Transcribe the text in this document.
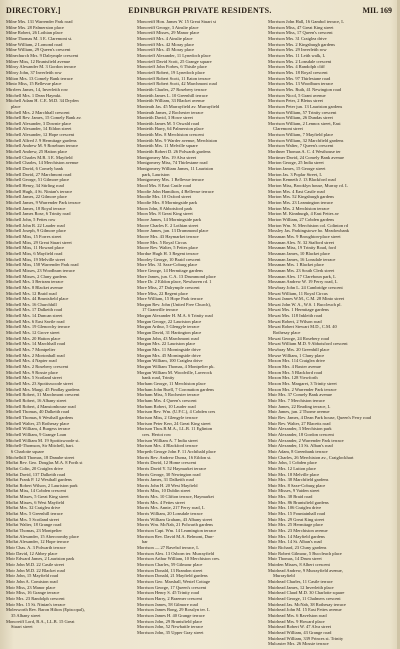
DIRECTORY.]	EDINBURGH PRIVATE RESIDENTS.	MIL 169
Milne Mrs. 131 Warrender Park road
Milne Mrs. 28 Palmerston place
Milne Robert, 26 Lothian place
Milne Thomas M. 3 E. Claremont st.
Milne William, 2 Lomond road
Milne William, 29 Queen's crescent
Milnechurch Mrs. 9 Dalrymple crescent
Milner Miss, 12 Bruntsfield avenue
Milroy Alexander M. 3 Gordon terrace
Milroy John, 37 Inverleith row
Milton Mrs. 13 Comely Bank terrace
Minto Miss, 15 Bellevue place
Mirrlees James, 14, Inverleith row
Mitchell Mrs. 1 Dean Haymkt.
Mitchell Adam H. C.E. M.D. 34 Dryden
place
Mitchell Mrs. 2 Marchhall crescent
Mitchell Rev. James, 15 Comely Bank av.
Mitchell Alexander, 3 Downie place
Mitchell Alexander, 14 Eildon street
Mitchell Alexander, 12 Hope crescent
Mitchell Alfred J. 9 Hermitage gardens
Mitchell Andrew M. 9 Roseburn terrace
Mitchell Andrew, 25 Hatton place
Mitchell Charles M.B. 3 E. Mayfield
Mitchell Charles, 14 Merchiston avenue
Mitchell David, 6 Comely bank
Mitchell David, 27 Marchmont road
Mitchell George, 51 Gilmore place
Mitchell Henry, 34 Stirling road
Mitchell Hugh, 4 St. Ninian's terrace
Mitchell James, 22 Gilmore place
Mitchell James, 9 Warrender Park terrace
Mitchell James, 18 Royal terrace
Mitchell James Rose, 6 Trinity road
Mitchell John, 5 Fettes row
Mitchell John R. 22 Lauder road
Mitchell Joseph, 9 Gilmore place
Mitchell Miss, 15 Forres street
Mitchell Miss, 29 Great Stuart street
Mitchell Miss, 11 Howard place
Mitchell Miss, 6 Mayfield road
Mitchell Miss, 19 Melville street
Mitchell Miss, 158 Warrender Park road
Mitchell Misses, 23 Woodburn terrace
Mitchell Misses, 2 Cluny gardens
Mitchell Mrs. 3 Bertram terrace
Mitchell Mrs. 8 Blacket avenue
Mitchell Mrs. 12 Braid road
Mitchell Mrs. 44 Bruntsfield place
Mitchell Mrs. 16 Churchhill
Mitchell Mrs. 17 Dalkeith road
Mitchell Mrs. 14 Duncan street
Mitchell Mrs. 6 East Savile road
Mitchell Mrs. 19 Glenorchy terrace
Mitchell Mrs. 12 Grove street
Mitchell Mrs. 20 Hatton place
Mitchell Mrs. 14 Marchhall road
Mitchell Mrs. 7 Montpelier
Mitchell Mrs. 2 Mortonhall road
Mitchell Mrs. 4 Napier road
Mitchell Mrs. 2 Rosebery crescent
Mitchell Mrs. 9 Rossie place
Mitchell Mrs. 5 Scotland street
Mitchell Mrs. 23 Spottiswoode street
Mitchell Mrs. Margt. 45 Findlay gardens
Mitchell Robert, 31 Marchmont crescent
Mitchell Robert, 16 Albany street
Mitchell Robert, 4 Mansionhouse road
Mitchell Thomas, 40 Dalkeith road
Mitchell Thomas, 6 Westhall gardens
Mitchell Walter, 25 Rothesay place
Mitchell William, 4 Burgess terrace
Mitchell William, 9 Grange Loan
Mitchell William M. 19 Spottiswoode st.
Mitchell-Thomson, Sir Mitchell, bart.
6 Charlotte square
Mitchelhill Thomas, 18 Danube street
Moffat Rev. Geo. Douglas M.A. 8 Forth st
Moffat Colin, 20 Craiglea drive
Moffat David, 137 Dalkeith road
Moffat Frank P. 12 Westhall gardens
Moffat Robert Wilson, 2 Lauriston park
Moffat Miss, 14 Cobden crescent
Moffat Misses, 5 Great King street
Moffat Misses, 6 West Mayfield
Moffat Mrs. 32 Craiglea drive
Moffat Mrs. 5 Greenhill terrace
Moffat Mrs. 5 Scotland street
Moffat Walter, 18 Grange road
Moffat Thomas, 23 Montpelier
Moffat Alexander, 15 Abercromby place
Moffat Alexander, 12 Hope terrace
Moir Chas. A. 3 Polwarth terrace
Moir David, 12 Abbey place
Moir Edward James, 2 Lauriston park
Moir John M.D. 22 Castle street
Moir John M.D. 22 Blacket road
Moir John, 15 Mayfield road
Moir John A. Comiston road
Moir Miss, 23 Manor place
Moir Miss, 16 Grange terrace
Moir Mrs. 23 Randolph crescent
Moir Mrs. 15 St. Ninian's terrace
Molesworth Rev. Baron Hilton (Episcopal),
35 Albany street
Moncreiff Lord, B.A., LL.B. 15 Great
Stuart street
Moncreiff Hon. James W. 15 Great Stuart st
Moncreiff George, 3 Ainslie place
Moncreiff Misses, 29 Manor place
Moncreiff Mrs. 4 Ainslie place
Moncreiff Mrs. 42 Moray place
Moncreiff Mrs. 45 Moray place
Moncrieff Alexander, 11 Lynedoch place
Moncrieff David Scott, 25 Grange square
Moncrieff John Forbes, 6 Thistle place
Moncrieff Robert, 19 Lynedoch place
Moncrieff Robert Scott, 11 Eaton terrace
Moncrieff Robert Scott, 42 Marchmont road
Monteith Charles, 27 Rosebery terrace
Monteith James L. 10 Greenhill terrace
Monteith William, 33 Blacket avenue
Monteath Jas. 45 Marrayfield av. Murrayfield
Monteath James, 2 Rochester terrace
Monteith David, 3 Howe street
Monteith James M. 5 Oswald road
Monteith Harry, 64 Palmerston place
Monteith Mrs. 8 Merchiston crescent
Monteith Mrs. 9 Warder avenue, Merchiston
Monteith Mrs. 11 Melville square
Monteith Robert D. 26 Polwarth gardens
Montgomery Mrs. 19 Alva street
Montgomery Miss, 74 Thirlestane road
Montgomery William James, 11 Lauriston
park, Lauriston
Montgomery Mrs. 1 Bellevue terrace
Mood Mrs. 8 East Castle road
Moodie John Hamilton, 4 Bellevue terrace
Moodie Mrs. 10 Oxford street
Moodie Mrs. 8 Morningside park
Moon John, 8 Abbotsford park
Moon Mrs. 8 Great King street
Moore James, 14 Morningside park
Moore Charles E. 2 Lothian street
Moore James, jun. 13 Drummond place
Moore Mrs. 43 Haymarket terrace
Moore Mrs. 5 Royal Circus
Moore Rev. Walter, 5 Fettes place
Mordue Hugh H. 3 Regent terrace
Moorley George, 10 Braid crescent
More Mrs. 31 Saxe-Coburg place
More George, 14 Hermitage gardens
More James, jun. C.A. 13 Drummond place
More Dr. 2 Eildon place, Newhaven rd. 1
More Miss, 27 Dalrymple crescent
More Miss, 22 Regent place
More William, 15 Hope Park terrace
Morgan Rev. John (United Free Church),
17 Granville terrace
Morgan Alexander H. M.A. 6 Trinity road
Morgan George, 22 Lauriston place
Morgan Arthur, 5 Glengyle terrace
Morgan David, 31 Hartington place
Morgan John, 43 Marchmont road
Morgan Mrs. 22 Lauriston place
Morgan Mrs. 11 Morningside drive
Morgan Mrs. 45 Morningside drive
Morgan William, 100 Craiglea drive
Morgan William Thomas, 4 Montpelier pk.
Morgan William M. Woodville, Laverock
bank road, Trinity
Morham George, 11 Merchiston place
Morham John Buell, 7 Coronation gardens
Morham Miss, 5 Rochester terrace
Morham Mrs. 4 Queen's crescent
Morham Robert, 10 Lauder road
Morison Rev. Wm. (U.F.C.), 4 Cobden cres
Morison Miss, 2 Glengyle terrace
Morison Peter Kerr, 24 Great King street
Morison Thos.B.M.A., LL.B. 11 Eglinton
cres. Heriot row
Morison William A. 7 India street
Morison Mrs. 4 Blackford terrace
Morpeth George John F. 11 Archibald place
Morris Rev. Andrew Durna, 16 Eildon st.
Morris David, 12 Home crescent
Morris David Y. 52 Haymarket terrace
Morris George, 30 Newington road
Morris James, 31 Dalkeith road
Morris John H. 20 West Mayfield
Morris Miss, 10 Dublin street
Morris Mrs. 10 Clifton terrace, Haymarket
Morris Mrs. 4 Fettes street
Morris Mrs. Annie, 217 Ferry road, L
Morris William, 20 Lonsdale terrace
Morris William Graham, 43 Albany street
Morris Wm. McNab, 21 Polwarth gardens
Morrison Capt. Wm. 14 Leamington terrace
Morrison Rev. David M.A. Belmont, Dun-
bar
Morrison — 27 Ravelsd terrace, L
Morrison Alex. 13 Osborn ter. Murrayfield
Morrison Arthur William, 10 Merchiston cres.
Morrison Charles, 59 Gilmour place
Morrison Donald, 13 Brandon street
Morrison Donald, 21 Mayfield gardens
Morrison Geo. Marshall, Westel Cottage
Morrison George, 17 Queen's crescent
Morrison Henry S. 45 Trinity road
Morrison Harry, 2 Braemer crescent
Morrison James, 58 Gilmore road
Morrison James Bong, 29 Rosslyn ter. L
Morrison James H. 40 Grange terrace
Morrison John, 29 Bruntsfield place
Morrison John, 52 Newbattle terrace
Morrison John, 35 Upper Gray street
Morrison John Hall, 16 Gambol terrace, L
Morrison Miss, 47 Great King street
Morrison Miss, 17 Queen's crescent
Morrison Mrs. 31 Craiglea drive
Morrison Mrs. 2 Kingsburgh gardens
Morrison Mrs. 29 Inverleith row
Morrison Mrs. 11 Leith walk, L
Morrison Mrs. 2 Lonsdale crescent
Morrison Mrs. 4 Randolph cliff
Morrison Mrs. 18 Royal crescent
Morrison Mrs. 97 Thirlestane road
Morrison Mrs. 13 Woodburn terrace
Morrison Mrs. Ruth, 41 Newington road
Morrison Nicol, 5 Grant avenue
Morrison Peter, 2 Bletus street
Morrison Peter jun. 13 Lauriston gardens
Morrison William, 57 Trinity crescent
Morrison William, 26 Dundas street
Morrison William, 2 Lennox street, East
Claremont street
Morrison William, 7 Mayfield place
Morrison William, 32 Marchfield gardens
Morrison Walter, 7 Queen's crescent
Morthner Thomas A. C. 4 Westhouse ter
Mortimer David, 24 Comely Bank avenue
Morton George, 25 India street
Morton James, 15 George street
Morton Jas. 3 Poplar Street, L
Morton Kenneth J. 13 Blackford road
Morton Miss, Brooklyn house, Murray rd. L
Morton Mrs. 4 East Castle road
Morton Mrs. 52 Kingsburgh gardens
Morton Mrs. 23 Leamington terrace
Morton Mrs. 2 Merchiston terrace
Morton M. Kinnburgh, 4 East Fettes av
Morton William, 27 Cobden gardens
Morton Wm. N. Merchiston col. Colinton rd
Mossley Jas. Parkingstowe ho. Meadowbank
Mossman Mrs. 9 Broughton-place street
Mossman Alex. N. 32 Stafford street
Mossman Miss, 19 Trinity Road, ford
Mossman James, 10 Blacket place
Mossman James, 16 Lonsdale terrace
Mossman Mrs. 1 Blacket place
Mossman Mrs. 23 South Clerk street
Mossman Alex. 17 Clareboun park, L
Mossman Andrew W. 19 Ferry road, L
Mowbray John L. 24 Cambridge crescent
Mowat William, 11 Royal Circus
Mowat James W.M., C.M. 28 Minto street
Mowat John W. A., W.S. 1 Buccleuch pl.
Mowat Mrs. 1 Hermitage gardens
Mowat Mrs. 118 Inkleith road
Mowat Robert, 2 Wilson road
Mowat Robert Stewart M.D., C.M. 40
Rothesay place
Mowat George, 24 Rosebery road
Mowat William M.D. 9 Abbotsford crescent
Mowbray Mrs. 20 Greenhill place
Mowse William, 1 Cluny place
Moxon Mrs. 114 Craiglea drive
Moxon Mrs. 4 Baxter avenue
Moxon Mrs. 5 Blackford road
Moxon Mrs. 128 Viewforth
Moxon Mrs. Margaret, 3 Trinity street
Moxon Mrs. 2 Warrender Park terrace
Muir Mrs. 37 Comely Bank avenue
Muir Mrs. 7 Merchiston terrace
Muir James, 22 Reading terrace, L
Muir James, jun. 2 Thorne avenue
Muir Rev. James, 4 Dean Park house, Queen's Ferry road
Muir Rev. Walter, 27 Blacetts road
Muir Alexander, 3 Merchiston park
Muir Alexander, 18 Gordon crescent
Muir Alexander, 2 Warrender Park terrace
Muir Alexander, 13 St. Alban's road
Muir Adam, 8 Greenbank terrace
Muir Charles, 26 Merchiston av., Craiglockhart
Muir John, 1 Cobden place
Muir Mrs. 12 Lutton place
Muir Mrs. 18 Melville place
Muir Mrs. 38 Marchfield gardens
Muir Mrs. 8 Saxe-Coburg place
Muir Misses, 9 Vaiden street
Muir Mrs. 38 Braid road
Muir Mrs. 86 Bruntsfield gardens
Muir Mrs. 106 Craiglea drive
Muir Mrs. 15 Fountainhall road
Muir Mrs. 29 Great King street
Muir Mrs. 25 Hermitage place
Muir Mrs. 23 Merchiston avenue
Muir Mrs. 14 Mayfield gardens
Muir Mrs. 14 St. Alban's road
Muir Richard, 23 Cluny gardens
Muir Robert Gilmour, 5 Buccleuch place
Muir Thomas, 14 Drum street
Muirden Misses, 8 Albert crescent
Muirhead Andrew, 9 Murrayfield avenue,
Murrayfield
Muirhead Charles, 11 Castle terrace
Muirhead James, 12 Inverleith place
Muirhead Claud M.D. 30 Charlotte square
Muirhead George, 11 Chalmers crescent
Muirhead Jas. McNab, 38 Rothesay terrace
Muirhead John M. 15 East Fettes avenue
Muirhead Mrs. 6 Ravelston road
Muirhead Mrs. 9 Howard place
Muirhead Robert W. 47 Alva street
Muirhead William, 43 Grange road
Muirhead William, 339 Princes st. Trinity
Mulcaster Mrs. 26 Mossie terrace
